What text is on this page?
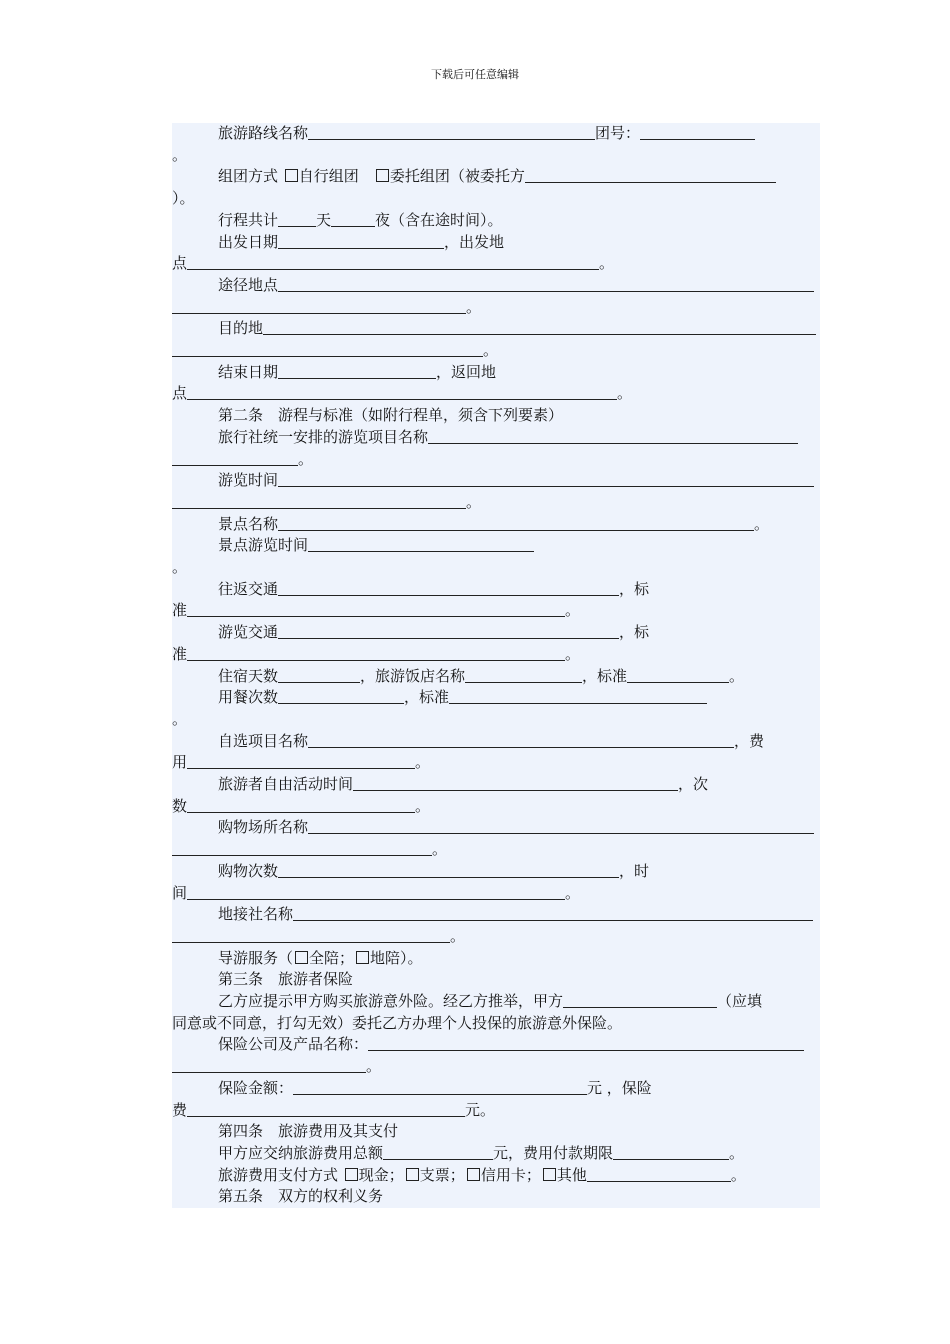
下载后可任意编辑
旅游路线名称	团号：
。
组团方式 自行组团　 委托组团（被委托方
）。
行程共计	天	夜（含在途时间）。
出发日期	，出发地
点	。
途径地点
。
目的地
。
结束日期	，返回地
点	。
第二条　游程与标准（如附行程单，须含下列要素）
旅行社统一安排的游览项目名称
。
游览时间
。
景点名称	。
景点游览时间
。
往返交通	，标
准	。
游览交通	，标
准	。
住宿天数	，旅游饭店名称	，标准	。
用餐次数	，标准
。
自选项目名称	，费
用	。
旅游者自由活动时间	，次
数	。
购物场所名称
。
购物次数	，时
间	。
地接社名称
。
导游服务（ 全陪； 地陪）。
第三条　旅游者保险
乙方应提示甲方购买旅游意外险。经乙方推举，甲方	（应填
同意或不同意，打勾无效）委托乙方办理个人投保的旅游意外保险。
保险公司及产品名称：
。
保险金额：	元 ，保险
费	元。
第四条　旅游费用及其支付
甲方应交纳旅游费用总额	元，费用付款期限	。
旅游费用支付方式 现金； 支票； 信用卡； 其他	。
第五条　双方的权利义务
